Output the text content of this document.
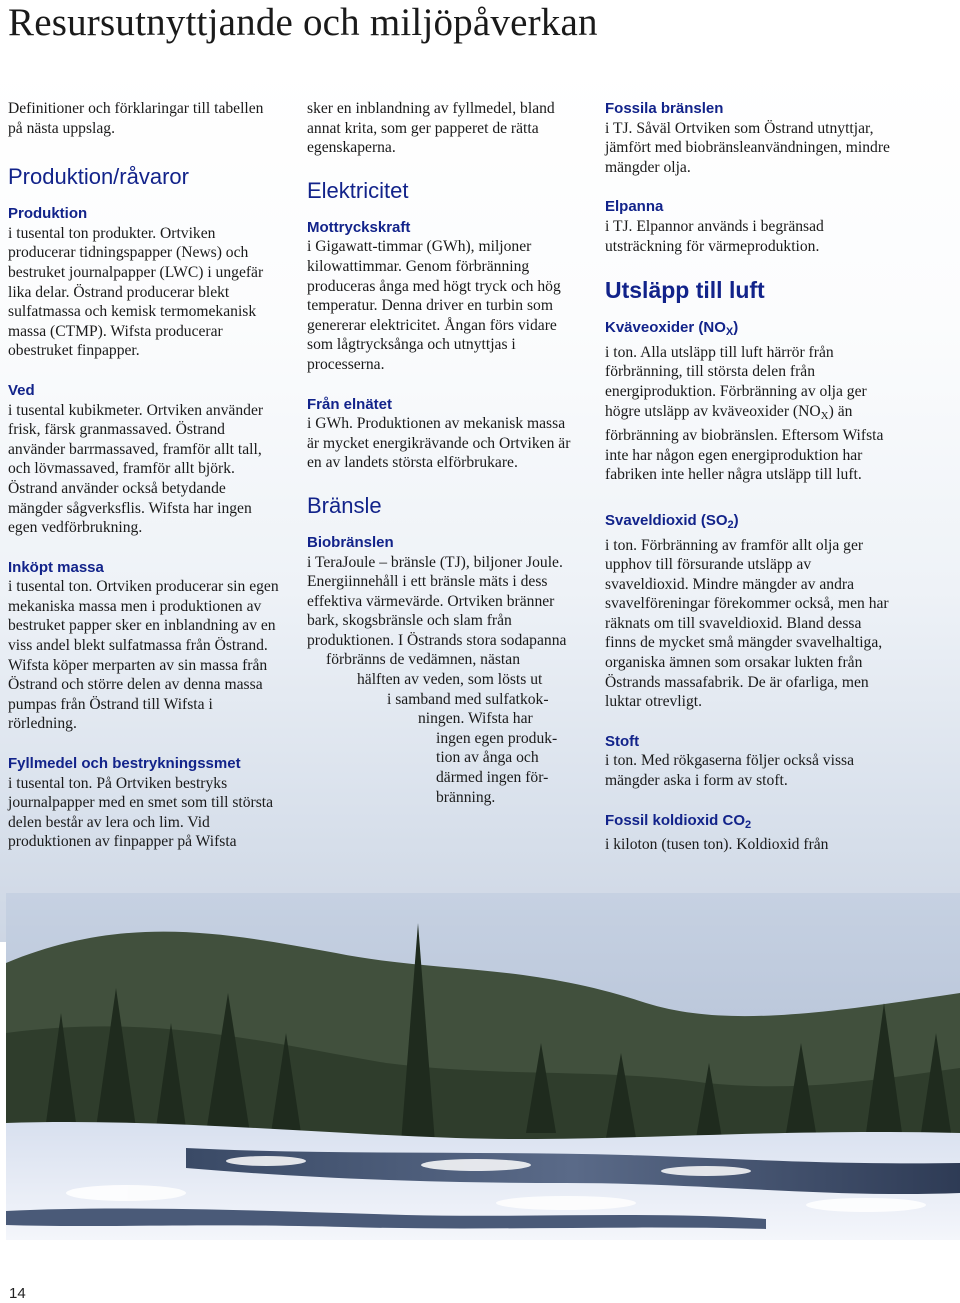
Resursutnyttjande och miljöpåverkan

Definitioner och förklaringar till tabellen på nästa uppslag.

Produktion/råvaror
Produktion
i tusental ton produkter. Ortviken producerar tidningspapper (News) och bestruket journalpapper (LWC) i ungefär lika delar. Östrand producerar blekt sulfatmassa och kemisk termomekanisk massa (CTMP). Wifsta producerar obestruket finpapper.
Ved
i tusental kubikmeter. Ortviken använder frisk, färsk granmassaved. Östrand använder barrmassaved, framför allt tall, och lövmassaved, framför allt björk. Östrand använder också betydande mängder sågverksflis. Wifsta har ingen egen vedförbrukning.
Inköpt massa
i tusental ton. Ortviken producerar sin egen mekaniska massa men i produktionen av bestruket papper sker en inblandning av en viss andel blekt sulfatmassa från Östrand. Wifsta köper merparten av sin massa från Östrand och större delen av denna massa pumpas från Östrand till Wifsta i rörledning.
Fyllmedel och bestrykningssmet
i tusental ton. På Ortviken bestryks journalpapper med en smet som till största delen består av lera och lim. Vid produktionen av finpapper på Wifsta

sker en inblandning av fyllmedel, bland annat krita, som ger papperet de rätta egenskaperna.

Elektricitet
Mottryckskraft
i Gigawatt-timmar (GWh), miljoner kilowattimmar. Genom förbränning produceras ånga med högt tryck och hög temperatur. Denna driver en turbin som genererar elektricitet. Ångan förs vidare som lågtrycksånga och utnyttjas i processerna.
Från elnätet
i GWh. Produktionen av mekanisk massa är mycket energikrävande och Ortviken är en av landets största elförbrukare.
Bränsle
Biobränslen
i TeraJoule – bränsle (TJ), biljoner Joule. Energiinnehåll i ett bränsle mäts i dess effektiva värmevärde. Ortviken bränner bark, skogsbränsle och slam från produktionen. I Östrands stora sodapanna
förbränns de vedämnen, nästan
hälften av veden, som lösts ut
i samband med sulfatkok-
ningen. Wifsta har
ingen egen produk-
tion av ånga och
därmed ingen för-
bränning.
Fossila bränslen
i TJ. Såväl Ortviken som Östrand utnyttjar, jämfört med biobränsleanvändningen, mindre mängder olja.
Elpanna
i TJ. Elpannor används i begränsad utsträckning för värmeproduktion.
Utsläpp till luft
Kväveoxider $(NO_X)$
i ton. Alla utsläpp till luft härrör från förbränning, till största delen från energiproduktion. Förbränning av olja ger högre utsläpp av kväveoxider $(NO_X)$ än förbränning av biobränslen. Eftersom Wifsta inte har någon egen energiproduktion har fabriken inte heller några utsläpp till luft.
Svaveldioxid $(SO_2)$
i ton. Förbränning av framför allt olja ger upphov till försurande utsläpp av svaveldioxid. Mindre mängder av andra svavelföreningar förekommer också, men har räknats om till svaveldioxid. Bland dessa finns de mycket små mängder svavelhaltiga, organiska ämnen som orsakar lukten från Östrands massafabrik. De är ofarliga, men luktar otrevligt.
Stoft
i ton. Med rökgaserna följer också vissa mängder aska i form av stoft.
Fossil koldioxid $CO_2$
i kiloton (tusen ton). Koldioxid från
14
